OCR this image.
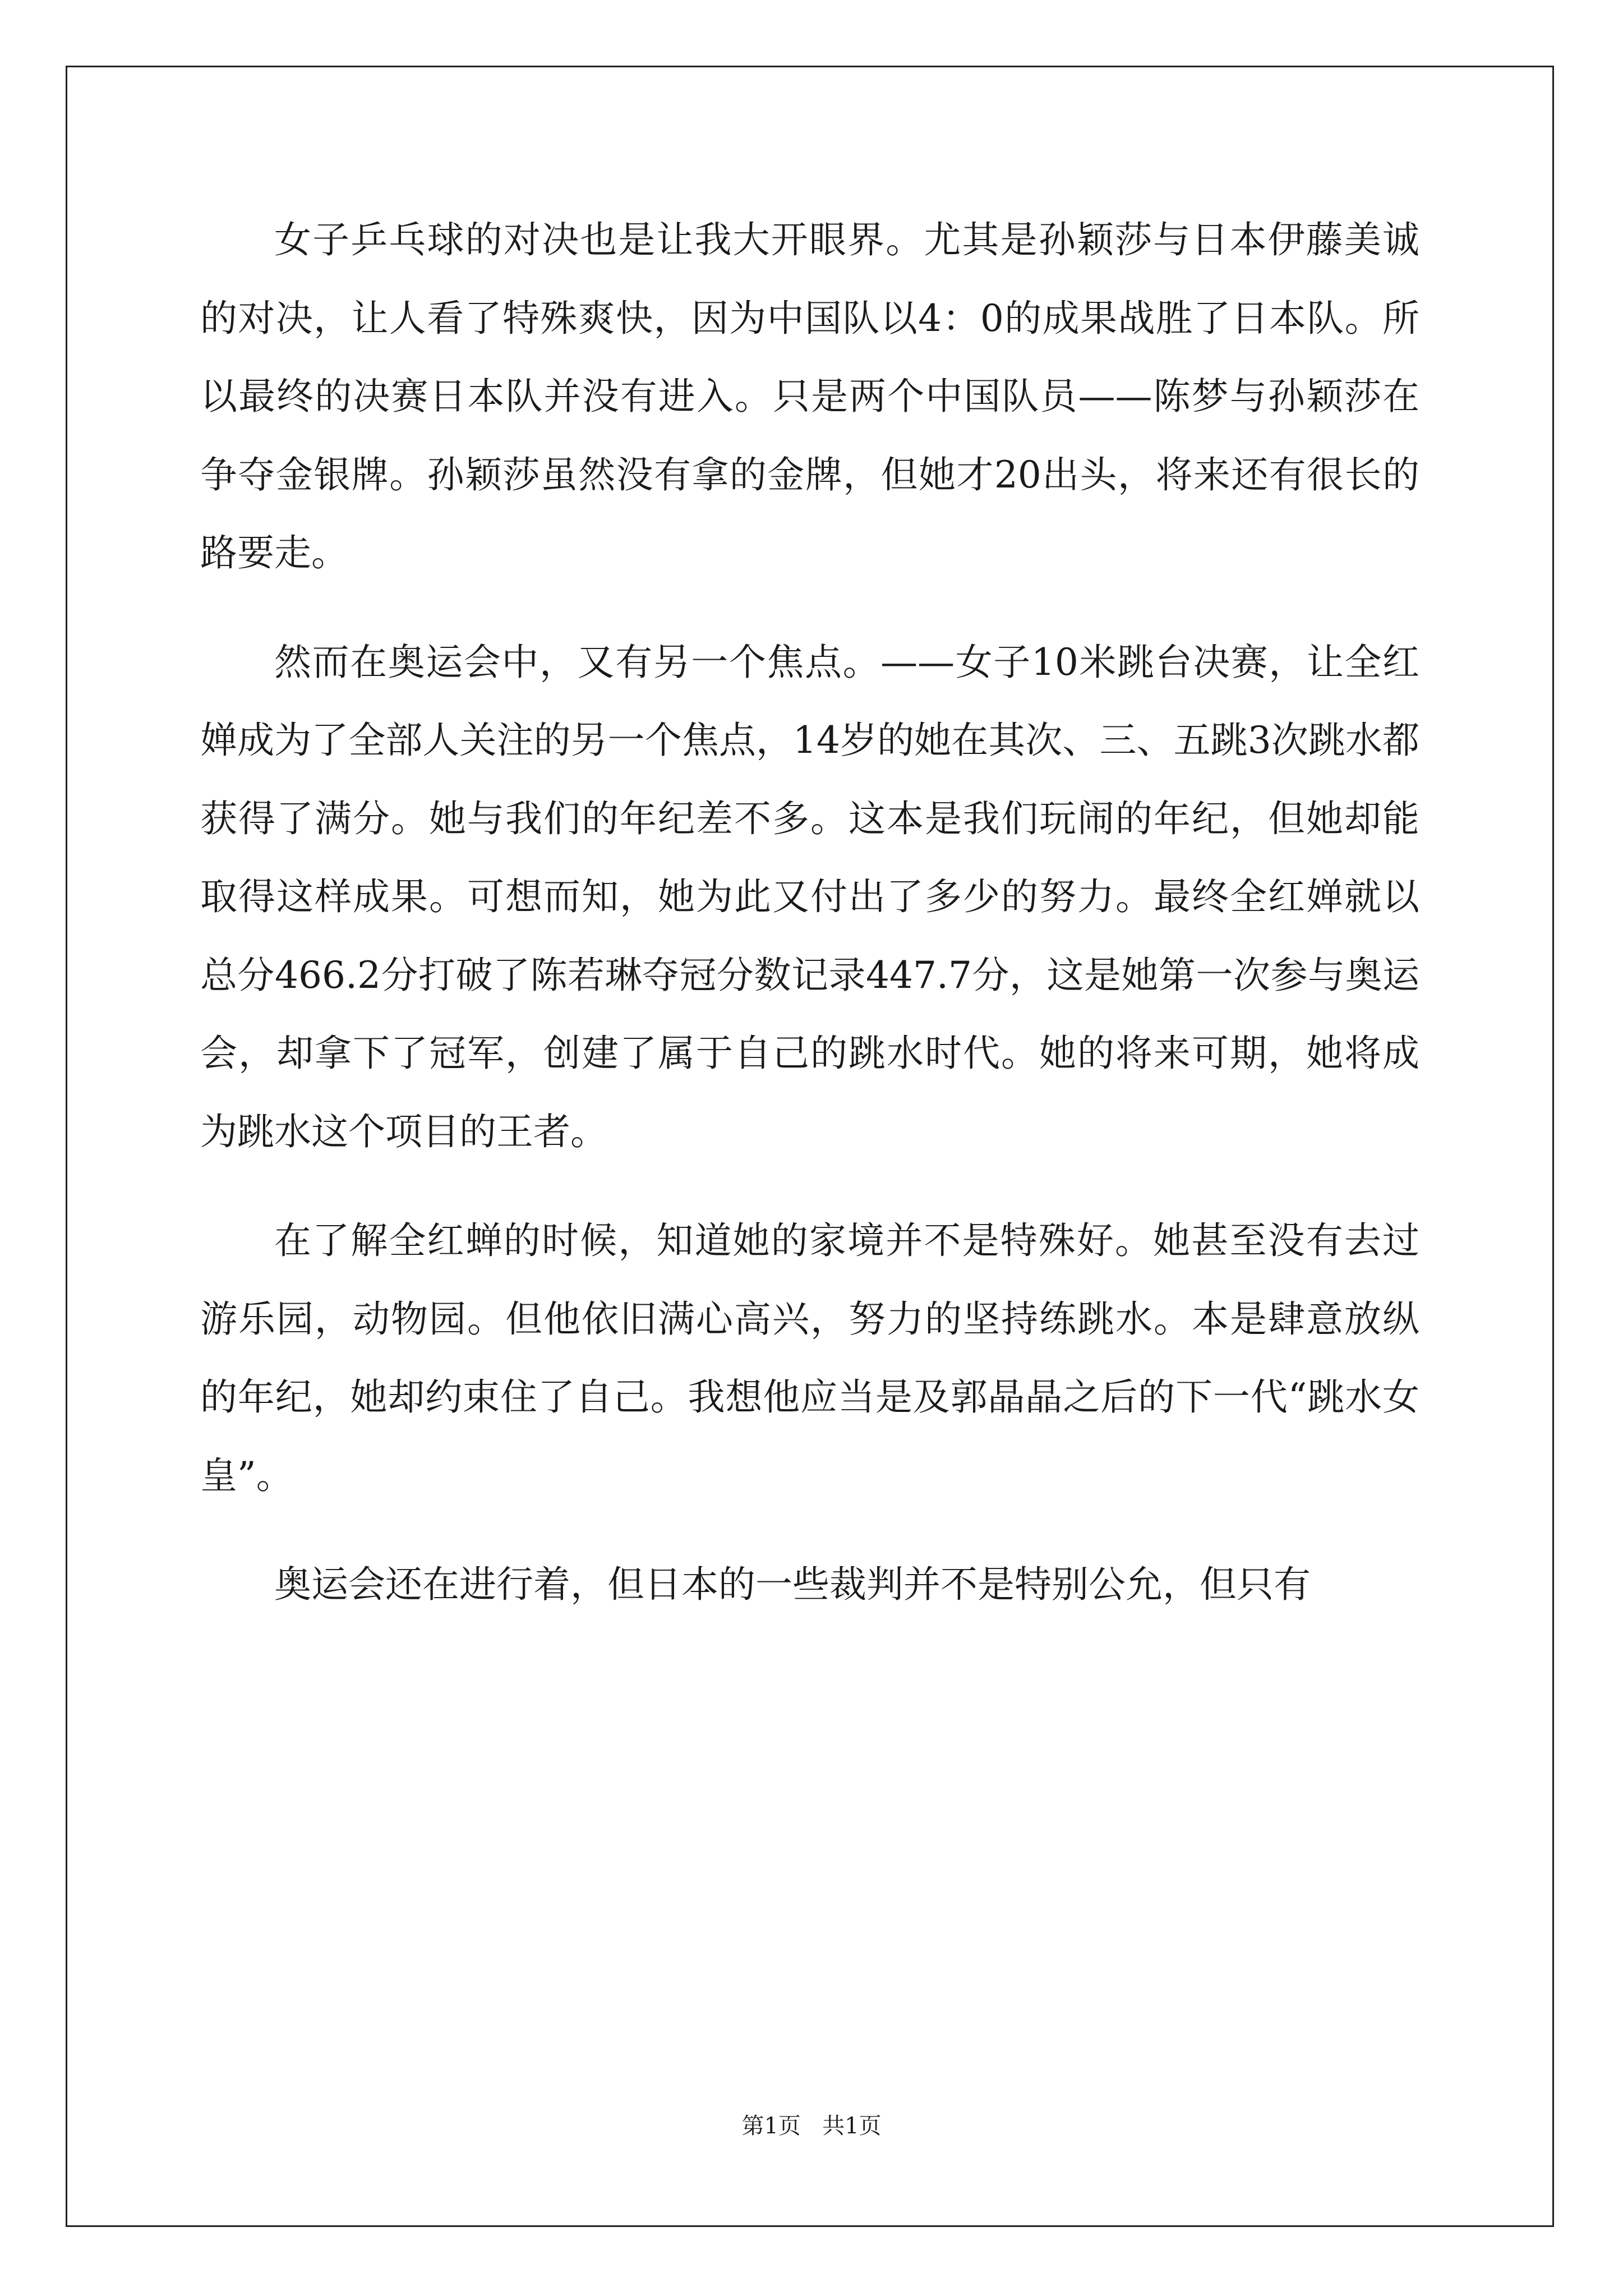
女子乒乓球的对决也是让我大开眼界。尤其是孙颖莎与日本伊藤美诚的对决，让人看了特殊爽快，因为中国队以4：0的成果战胜了日本队。所以最终的决赛日本队并没有进入。只是两个中国队员——陈梦与孙颖莎在争夺金银牌。孙颖莎虽然没有拿的金牌，但她才20出头，将来还有很长的路要走。

然而在奥运会中，又有另一个焦点。——女子10米跳台决赛，让全红婵成为了全部人关注的另一个焦点，14岁的她在其次、三、五跳3次跳水都获得了满分。她与我们的年纪差不多。这本是我们玩闹的年纪，但她却能取得这样成果。可想而知，她为此又付出了多少的努力。最终全红婵就以总分466.2分打破了陈若琳夺冠分数记录447.7分，这是她第一次参与奥运会，却拿下了冠军，创建了属于自己的跳水时代。她的将来可期，她将成为跳水这个项目的王者。

在了解全红蝉的时候，知道她的家境并不是特殊好。她甚至没有去过游乐园，动物园。但他依旧满心高兴，努力的坚持练跳水。本是肆意放纵的年纪，她却约束住了自己。我想他应当是及郭晶晶之后的下一代“跳水女皇”。

奥运会还在进行着，但日本的一些裁判并不是特别公允，但只有

第1页 共1页
